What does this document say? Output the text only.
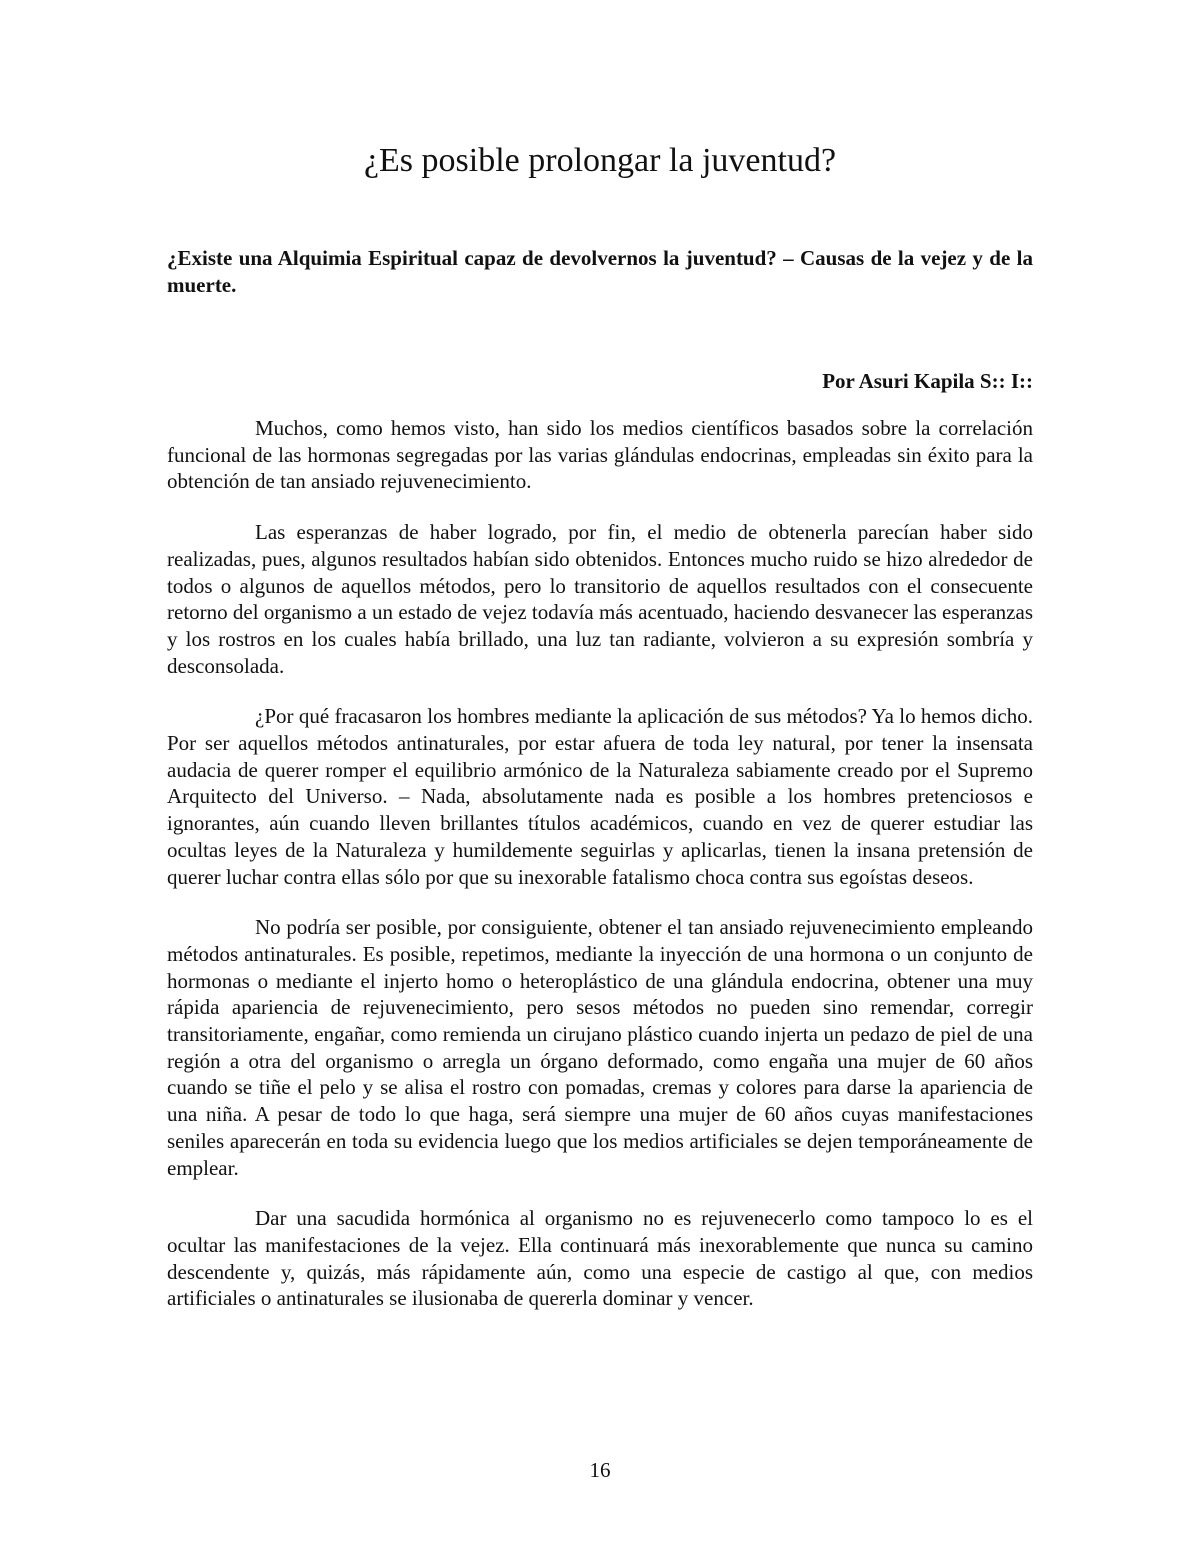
¿Es posible prolongar la juventud?

¿Existe una Alquimia Espiritual capaz de devolvernos la juventud? – Causas de la vejez y de la muerte.

Por Asuri Kapila S:: I::

Muchos, como hemos visto, han sido los medios científicos basados sobre la correlación funcional de las hormonas segregadas por las varias glándulas endocrinas, empleadas sin éxito para la obtención de tan ansiado rejuvenecimiento.

Las esperanzas de haber logrado, por fin, el medio de obtenerla parecían haber sido realizadas, pues, algunos resultados habían sido obtenidos. Entonces mucho ruido se hizo alrededor de todos o algunos de aquellos métodos, pero lo transitorio de aquellos resultados con el consecuente retorno del organismo a un estado de vejez todavía más acentuado, haciendo desvanecer las esperanzas y los rostros en los cuales había brillado, una luz tan radiante, volvieron a su expresión sombría y desconsolada.

¿Por qué fracasaron los hombres mediante la aplicación de sus métodos? Ya lo hemos dicho. Por ser aquellos métodos antinaturales, por estar afuera de toda ley natural, por tener la insensata audacia de querer romper el equilibrio armónico de la Naturaleza sabiamente creado por el Supremo Arquitecto del Universo. – Nada, absolutamente nada es posible a los hombres pretenciosos e ignorantes, aún cuando lleven brillantes títulos académicos, cuando en vez de querer estudiar las ocultas leyes de la Naturaleza y humildemente seguirlas y aplicarlas, tienen la insana pretensión de querer luchar contra ellas sólo por que su inexorable fatalismo choca contra sus egoístas deseos.

No podría ser posible, por consiguiente, obtener el tan ansiado rejuvenecimiento empleando métodos antinaturales. Es posible, repetimos, mediante la inyección de una hormona o un conjunto de hormonas o mediante el injerto homo o heteroplástico de una glándula endocrina, obtener una muy rápida apariencia de rejuvenecimiento, pero sesos métodos no pueden sino remendar, corregir transitoriamente, engañar, como remienda un cirujano plástico cuando injerta un pedazo de piel de una región a otra del organismo o arregla un órgano deformado, como engaña una mujer de 60 años cuando se tiñe el pelo y se alisa el rostro con pomadas, cremas y colores para darse la apariencia de una niña. A pesar de todo lo que haga, será siempre una mujer de 60 años cuyas manifestaciones seniles aparecerán en toda su evidencia luego que los medios artificiales se dejen temporáneamente de emplear.

Dar una sacudida hormónica al organismo no es rejuvenecerlo como tampoco lo es el ocultar las manifestaciones de la vejez. Ella continuará más inexorablemente que nunca su camino descendente y, quizás, más rápidamente aún, como una especie de castigo al que, con medios artificiales o antinaturales se ilusionaba de quererla dominar y vencer.

16
